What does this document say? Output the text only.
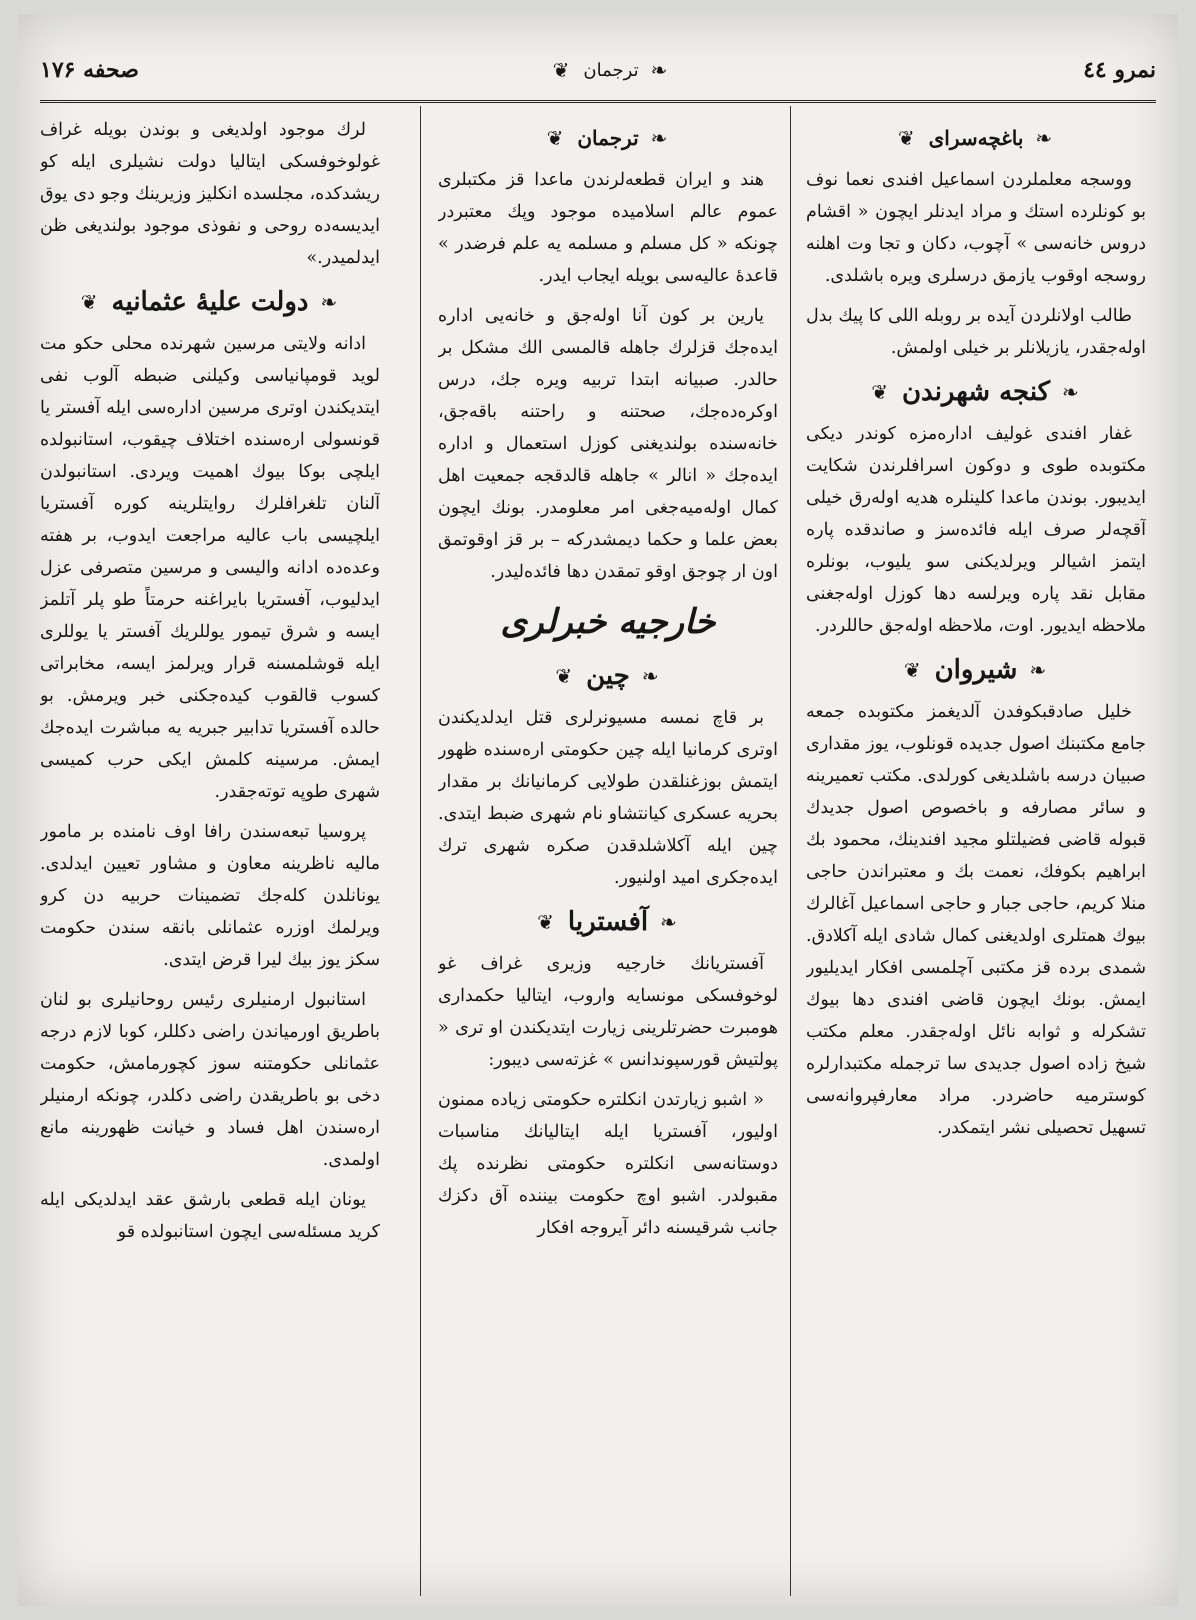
نمرو ٤٤
❧
ترجمان
❦
صحفه ۱۷۶
❧
باغچه‌سرای
❦

ووسجه معلملردن اسماعیل افندی نعما نوف بو کونلرده استك و مراد ایدنلر ایچون « اقشام دروس خانه‌سی » آچوب، دکان و تجا وت اهلنه روسجه اوقوب یازمق درسلری ویره باشلدی.

طالب اولانلردن آیده بر روبله اللی کا پیك بدل اوله‌جقدر، یازیلانلر بر خیلی اولمش.

❧
کنجه شهرندن
❦

غفار افندی غولیف اداره‌مزه کوندر دیکی مکتوبده طوی و دوکون اسرافلرندن شکایت ایدیبور. بوندن ماعدا کلینلره هدیه اوله‌رق خیلی آقچه‌لر صرف ایله فائده‌سز و صاندقده پاره ایتمز اشیالر ویرلدیکنی سو یلیوب، بونلره مقابل نقد پاره ویرلسه دها کوزل اوله‌جغنی ملاحظه ایدیور. اوت، ملاحظه اوله‌جق حاللردر.

❧
شیروان
❦

خلیل صادقبکوفدن آلدیغمز مکتوبده جمعه جامع مکتبنك اصول جدیده قونلوب، یوز مقداری صبیان درسه باشلدیغی کورلدی. مکتب تعمیرینه و سائر مصارفه و باخصوص اصول جدیدك قبوله قاضی فضیلتلو مجید افندینك، محمود بك ابراهیم بکوفك، نعمت بك و معتبراندن حاجی منلا کریم، حاجی جبار و حاجی اسماعیل آغالرك بیوك همتلری اولدیغنی کمال شادی ایله آکلادق. شمدی برده قز مکتبی آچلمسی افکار ایدیلیور ایمش. بونك ایچون قاضی افندی دها بیوك تشکرله و ثوابه نائل اوله‌جقدر. معلم مکتب شیخ زاده اصول جدیدی سا ترجمله مکتبدارلره کوسترمیه حاضردر. مراد معارفپروانه‌سی تسهیل تحصیلی نشر ایتمکدر.

❧
ترجمان
❦

هند و ایران قطعه‌لرندن ماعدا قز مکتبلری عموم عالم اسلامیده موجود وپك معتبردر چونکه « کل مسلم و مسلمه یه علم فرضدر » قاعدهٔ عالیه‌سی بویله ایجاب ایدر.

یارین بر کون آنا اوله‌جق و خانه‌یی اداره ایده‌جك قزلرك جاهله قالمسی الك مشکل بر حالدر. صبیانه ابتدا تربیه ویره جك، درس اوکره‌ده‌جك، صحتنه و راحتنه باقه‌جق، خانه‌سنده بولندیغنی کوزل استعمال و اداره ایده‌جك « انالر » جاهله قالدقجه جمعیت اهل کمال اوله‌میه‌جغی امر معلومدر. بونك ایچون بعض علما و حکما دیمشدرکه – بر قز اوقوتمق اون ار چوجق اوقو تمقدن دها فائده‌لیدر.

خارجیه خبرلری
❧
چین
❦

بر قاچ نمسه مسیونرلری قتل ایدلدیکندن اوتری کرمانیا ایله چین حکومتی ارەسنده ظهور ایتمش بوزغنلقدن طولایی کرمانیانك بر مقدار بحریه عسکری کیانتشاو نام شهری ضبط ایتدی. چین ایله آکلاشلدقدن صکره شهری ترك ایده‌جکری امید اولنیور.

❧
آفستریا
❦

آفستریانك خارجیه وزیری غراف غو لوخوفسکی مونسایه واروب، ایتالیا حکمداری هومبرت حضرتلرینی زیارت ایتدیکندن او تری « پولتیش قورسپوندانس » غزته‌سی دیبور:

« اشبو زیارتدن انکلتره حکومتی زیاده ممنون اولیور، آفستریا ایله ایتالیانك مناسبات دوستانه‌سی انکلتره حکومتی نظرنده پك مقبولدر. اشبو اوچ حکومت بیننده آق دکزك جانب شرقیسنه دائر آیروجه افکار

لرك موجود اولدیغی و بوندن بویله غراف غولوخوفسکی ایتالیا دولت نشیلری ایله کو ریشدکده، مجلسده انکلیز وزیرینك وجو دی یوق ایدیسه‌ده روحی و نفوذی موجود بولندیغی ظن ایدلمیدر.»

❧
دولت علیهٔ عثمانیه
❦

ادانه ولایتی مرسین شهرنده محلی حکو مت لوید قومپانیاسی وکیلنی ضبطه آلوب نفی ایتدیکندن اوتری مرسین اداره‌سی ایله آفستر یا قونسولی ارەسنده اختلاف چیقوب، استانبولده ایلچی بوکا بیوك اهمیت ویردی. استانبولدن آلنان تلغرافلرك روایتلرینه کوره آفستریا ایلچیسی باب عالیه مراجعت ایدوب، بر هفته وعده‌ده ادانه والیسی و مرسین متصرفی عزل ایدلیوب، آفستریا بایراغنه حرمتاً طو پلر آتلمز ایسه و شرق تیمور یوللریك آفستر یا یوللری ایله قوشلمسنه قرار ویرلمز ایسه، مخابراتی کسوب قالقوب کیده‌جکنی خبر ویرمش. بو حالده آفستریا تدابیر جبریه یه مباشرت ایده‌جك ایمش. مرسینه کلمش ایکی حرب کمیسی شهری طوپه توته‌جقدر.

پروسیا تبعه‌سندن رافا اوف نامنده بر مامور مالیه ناظرینه معاون و مشاور تعیین ایدلدی. یونانلدن کله‌جك تضمینات حربیه دن کرو ویرلمك اوزره عثمانلی بانقه سندن حکومت سکز یوز بیك لیرا قرض ایتدی.

استانبول ارمنیلری رئیس روحانیلری بو لنان باطریق اورمیاندن راضی دکللر، کوبا لازم درجه عثمانلی حکومتنه سوز کچورمامش، حکومت دخی بو باطریقدن راضی دکلدر، چونکه ارمنیلر ارەسندن اهل فساد و خیانت ظهورینه مانع اولمدی.

یونان ایله قطعی بارشق عقد ایدلدیکی ایله کرید مسئله‌سی ایچون استانبولده قو
